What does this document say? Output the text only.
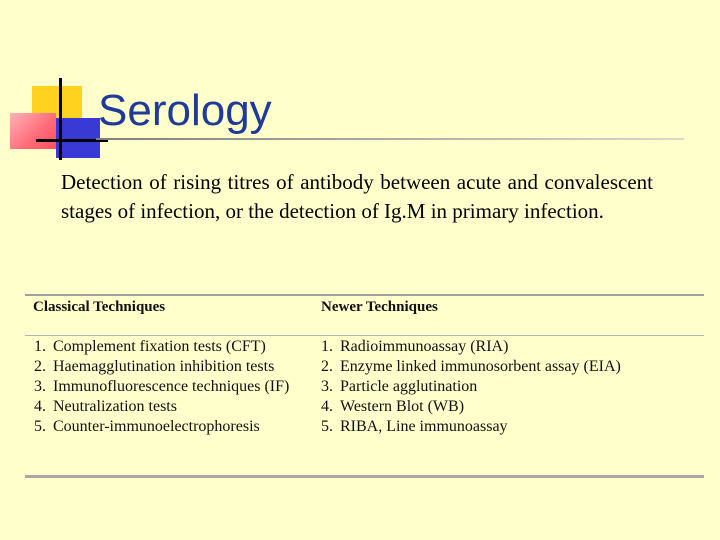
Serology

Detection of rising titres of antibody between acute and convalescent stages of infection, or the detection of Ig.M in primary infection.

Classical Techniques	Newer Techniques
1. Complement fixation tests (CFT)
2. Haemagglutination inhibition tests
3. Immunofluorescence techniques (IF)
4. Neutralization tests
5. Counter-immunoelectrophoresis
1. Radioimmunoassay (RIA)
2. Enzyme linked immunosorbent assay (EIA)
3. Particle agglutination
4. Western Blot (WB)
5. RIBA, Line immunoassay
